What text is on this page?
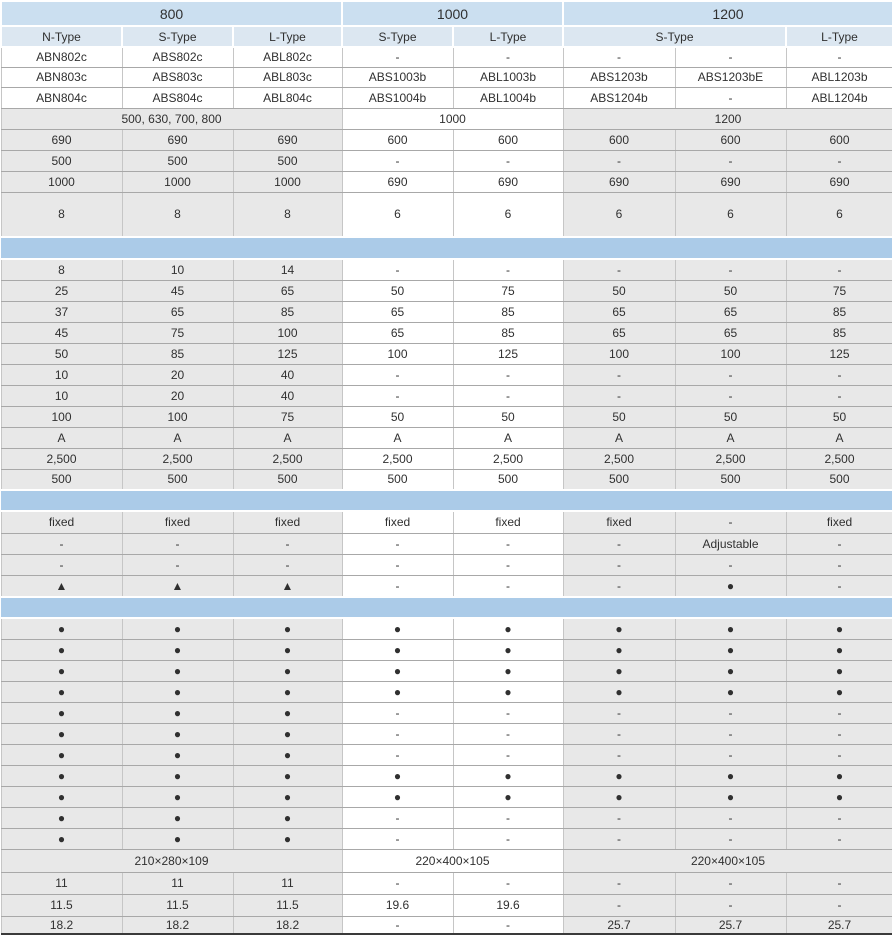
800			1000		1200		
N-Type	S-Type	L-Type	S-Type	L-Type	S-Type		L-Type
ABN802c	ABS802c	ABL802c	-	-	-	-	-
ABN803c	ABS803c	ABL803c	ABS1003b	ABL1003b	ABS1203b	ABS1203bE	ABL1203b
ABN804c	ABS804c	ABL804c	ABS1004b	ABL1004b	ABS1204b	-	ABL1204b
500, 630, 700, 800			1000		1200		
690	690	690	600	600	600	600	600
500	500	500	-	-	-	-	-
1000	1000	1000	690	690	690	690	690
8	8	8	6	6	6	6	6

8	10	14	-	-	-	-	-
25	45	65	50	75	50	50	75
37	65	85	65	85	65	65	85
45	75	100	65	85	65	65	85
50	85	125	100	125	100	100	125
10	20	40	-	-	-	-	-
10	20	40	-	-	-	-	-
100	100	75	50	50	50	50	50
A	A	A	A	A	A	A	A
2,500	2,500	2,500	2,500	2,500	2,500	2,500	2,500
500	500	500	500	500	500	500	500

fixed	fixed	fixed	fixed	fixed	fixed	-	fixed
-	-	-	-	-	-	Adjustable	-
-	-	-	-	-	-	-	-
▲	▲	▲	-	-	-	●	-

●	●	●	●	●	●	●	●
●	●	●	●	●	●	●	●
●	●	●	●	●	●	●	●
●	●	●	●	●	●	●	●
●	●	●	-	-	-	-	-
●	●	●	-	-	-	-	-
●	●	●	-	-	-	-	-
●	●	●	●	●	●	●	●
●	●	●	●	●	●	●	●
●	●	●	-	-	-	-	-
●	●	●	-	-	-	-	-
210×280×109			220×400×105		220×400×105		
11	11	11	-	-	-	-	-
11.5	11.5	11.5	19.6	19.6	-	-	-
18.2	18.2	18.2	-	-	25.7	25.7	25.7
